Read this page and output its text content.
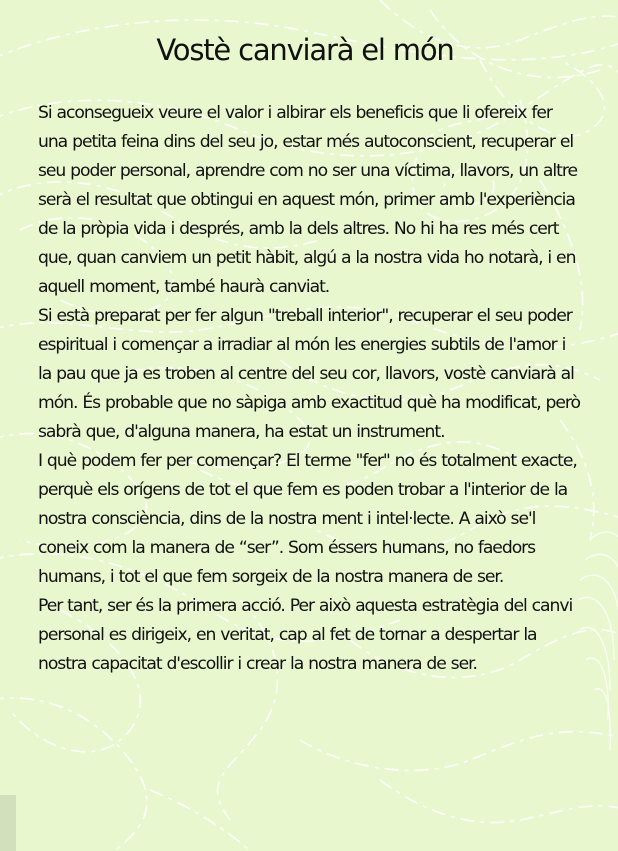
Vostè canviarà el món

Si aconsegueix veure el valor i albirar els beneficis que li ofereix fer una petita feina dins del seu jo, estar més autoconscient, recuperar el seu poder personal, aprendre com no ser una víctima, llavors, un altre serà el resultat que obtingui en aquest món, primer amb l'experiència de la pròpia vida i després, amb la dels altres. No hi ha res més cert que, quan canviem un petit hàbit, algú a la nostra vida ho notarà, i en aquell moment, també haurà canviat.

Si està preparat per fer algun "treball interior", recuperar el seu poder espiritual i començar a irradiar al món les energies subtils de l'amor i la pau que ja es troben al centre del seu cor, llavors, vostè canviarà al món. És probable que no sàpiga amb exactitud què ha modificat, però sabrà que, d'alguna manera, ha estat un instrument.

I què podem fer per començar? El terme "fer" no és totalment exacte, perquè els orígens de tot el que fem es poden trobar a l'interior de la nostra consciència, dins de la nostra ment i intel·lecte. A això se'l coneix com la manera de “ser”. Som éssers humans, no faedors humans, i tot el que fem sorgeix de la nostra manera de ser.

Per tant, ser és la primera acció. Per això aquesta estratègia del canvi personal es dirigeix, en veritat, cap al fet de tornar a despertar la nostra capacitat d'escollir i crear la nostra manera de ser.
